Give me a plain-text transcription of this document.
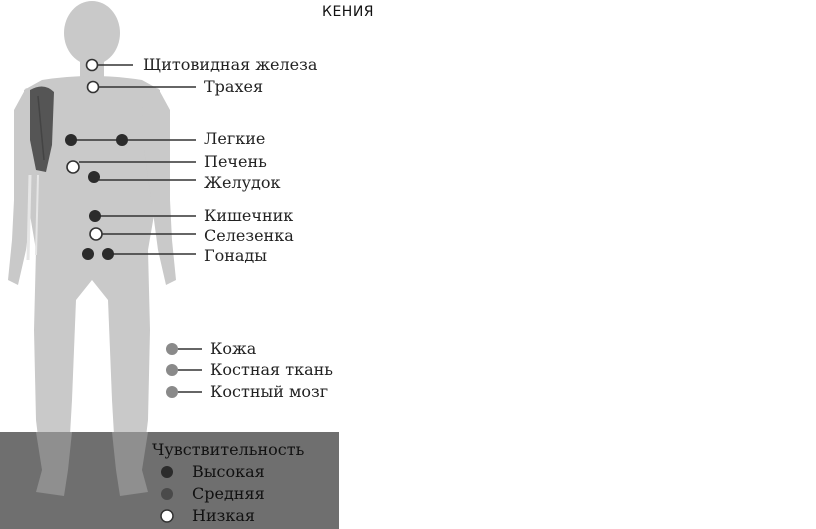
КЕНИЯ
Щитовидная железа
Трахея
Легкие
Печень
Желудок
Кишечник
Селезенка
Гонады
Кожа
Костная ткань
Костный мозг
Чувствительность
Высокая
Средняя
Низкая
